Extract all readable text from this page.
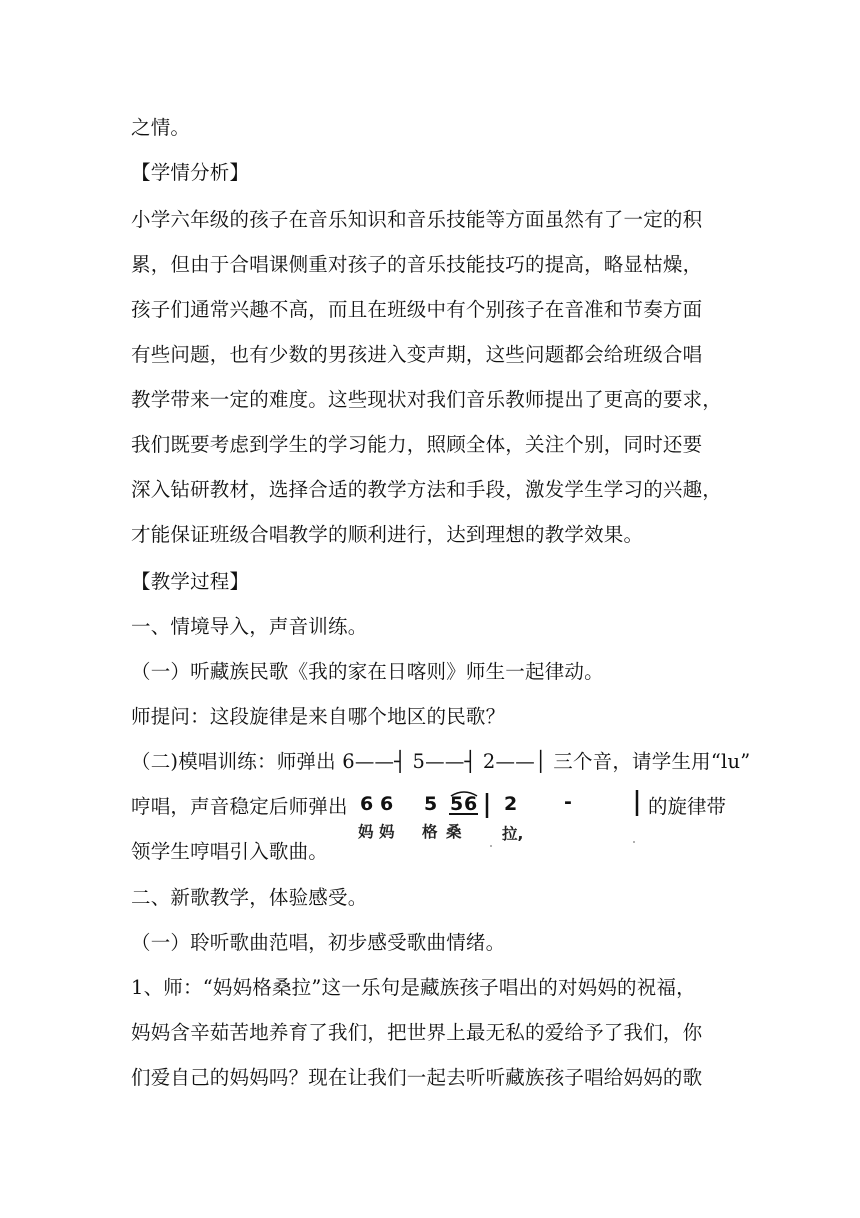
之情。
【学情分析】
小学六年级的孩子在音乐知识和音乐技能等方面虽然有了一定的积
累，但由于合唱课侧重对孩子的音乐技能技巧的提高，略显枯燥，
孩子们通常兴趣不高，而且在班级中有个别孩子在音准和节奏方面
有些问题，也有少数的男孩进入变声期，这些问题都会给班级合唱
教学带来一定的难度。这些现状对我们音乐教师提出了更高的要求，
我们既要考虑到学生的学习能力，照顾全体，关注个别，同时还要
深入钻研教材，选择合适的教学方法和手段，激发学生学习的兴趣，
才能保证班级合唱教学的顺利进行，达到理想的教学效果。
【教学过程】
一、情境导入，声音训练。
（一）听藏族民歌《我的家在日喀则》师生一起律动。
师提问：这段旋律是来自哪个地区的民歌？
（二)模唱训练：师弹出 6——┤ 5——┤ 2——│ 三个音，请学生用“lu”
哼唱，声音稳定后师弹出 6 6 5 5 6 2 -
妈 妈 格 桑	拉,
的旋律带
领学生哼唱引入歌曲。
二、新歌教学，体验感受。
（一）聆听歌曲范唱，初步感受歌曲情绪。
1、师：“妈妈格桑拉”这一乐句是藏族孩子唱出的对妈妈的祝福，
妈妈含辛茹苦地养育了我们，把世界上最无私的爱给予了我们，你
们爱自己的妈妈吗？现在让我们一起去听听藏族孩子唱给妈妈的歌
